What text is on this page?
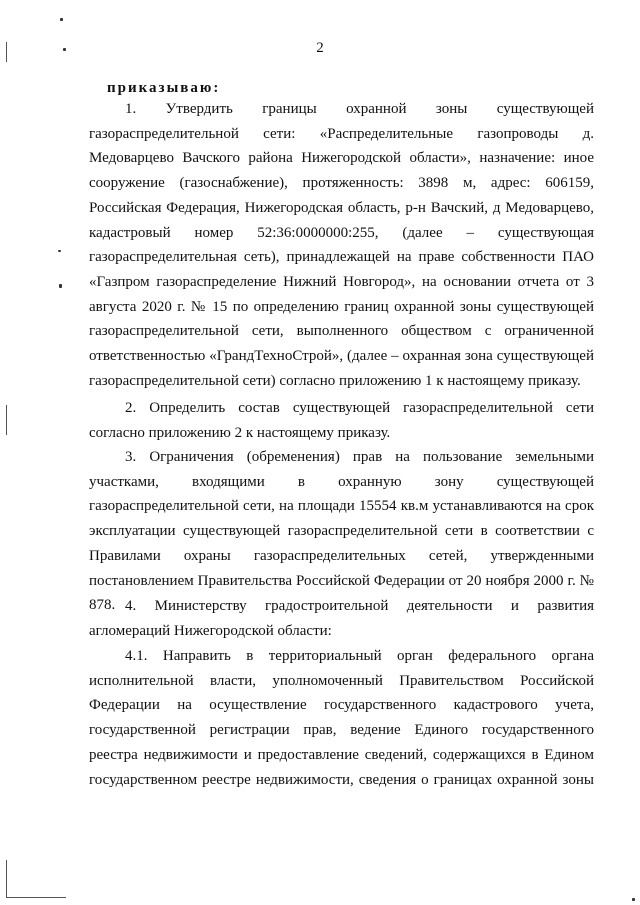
2
приказываю:

1. Утвердить границы охранной зоны существующей газораспределительной сети: «Распределительные газопроводы д. Медоварцево Вачского района Нижегородской области», назначение: иное сооружение (газоснабжение), протяженность: 3898 м, адрес: 606159, Российская Федерация, Нижегородская область, р-н Вачский, д Медоварцево, кадастровый номер 52:36:0000000:255, (далее – существующая газораспределительная сеть), принадлежащей на праве собственности ПАО «Газпром газораспределение Нижний Новгород», на основании отчета от 3 августа 2020 г. № 15 по определению границ охранной зоны существующей газораспределительной сети, выполненного обществом с ограниченной ответственностью «ГрандТехноСтрой», (далее – охранная зона существующей газораспределительной сети) согласно приложению 1 к настоящему приказу.

2. Определить состав существующей газораспределительной сети согласно приложению 2 к настоящему приказу.

3. Ограничения (обременения) прав на пользование земельными участками, входящими в охранную зону существующей газораспределительной сети, на площади 15554 кв.м устанавливаются на срок эксплуатации существующей газораспределительной сети в соответствии с Правилами охраны газораспределительных сетей, утвержденными постановлением Правительства Российской Федерации от 20 ноября 2000 г. № 878. 4. Министерству градостроительной деятельности и развития агломераций Нижегородской области:

4.1. Направить в территориальный орган федерального органа исполнительной власти, уполномоченный Правительством Российской Федерации на осуществление государственного кадастрового учета, государственной регистрации прав, ведение Единого государственного реестра недвижимости и предоставление сведений, содержащихся в Едином государственном реестре недвижимости, сведения о границах охранной зоны
